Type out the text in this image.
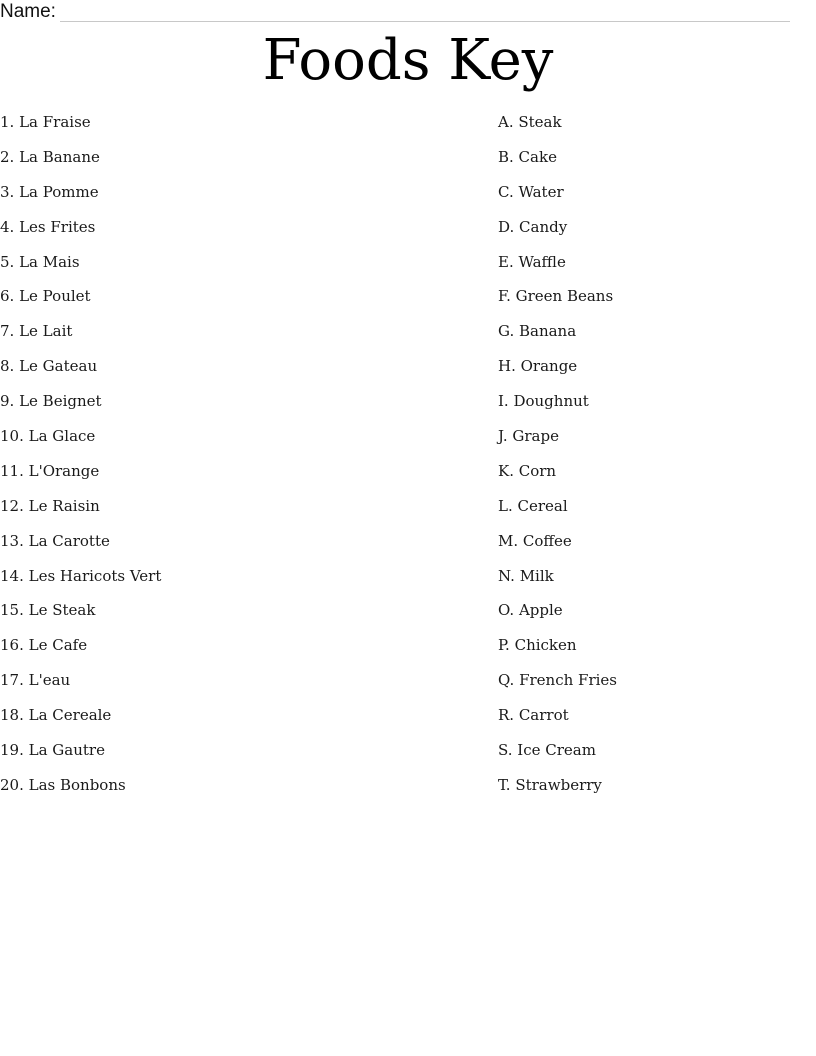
Name:
Foods Key
1. La Fraise
2. La Banane
3. La Pomme
4. Les Frites
5. La Mais
6. Le Poulet
7. Le Lait
8. Le Gateau
9. Le Beignet
10. La Glace
11. L'Orange
12. Le Raisin
13. La Carotte
14. Les Haricots Vert
15. Le Steak
16. Le Cafe
17. L'eau
18. La Cereale
19. La Gautre
20. Las Bonbons
A. Steak
B. Cake
C. Water
D. Candy
E. Waffle
F. Green Beans
G. Banana
H. Orange
I. Doughnut
J. Grape
K. Corn
L. Cereal
M. Coffee
N. Milk
O. Apple
P. Chicken
Q. French Fries
R. Carrot
S. Ice Cream
T. Strawberry
